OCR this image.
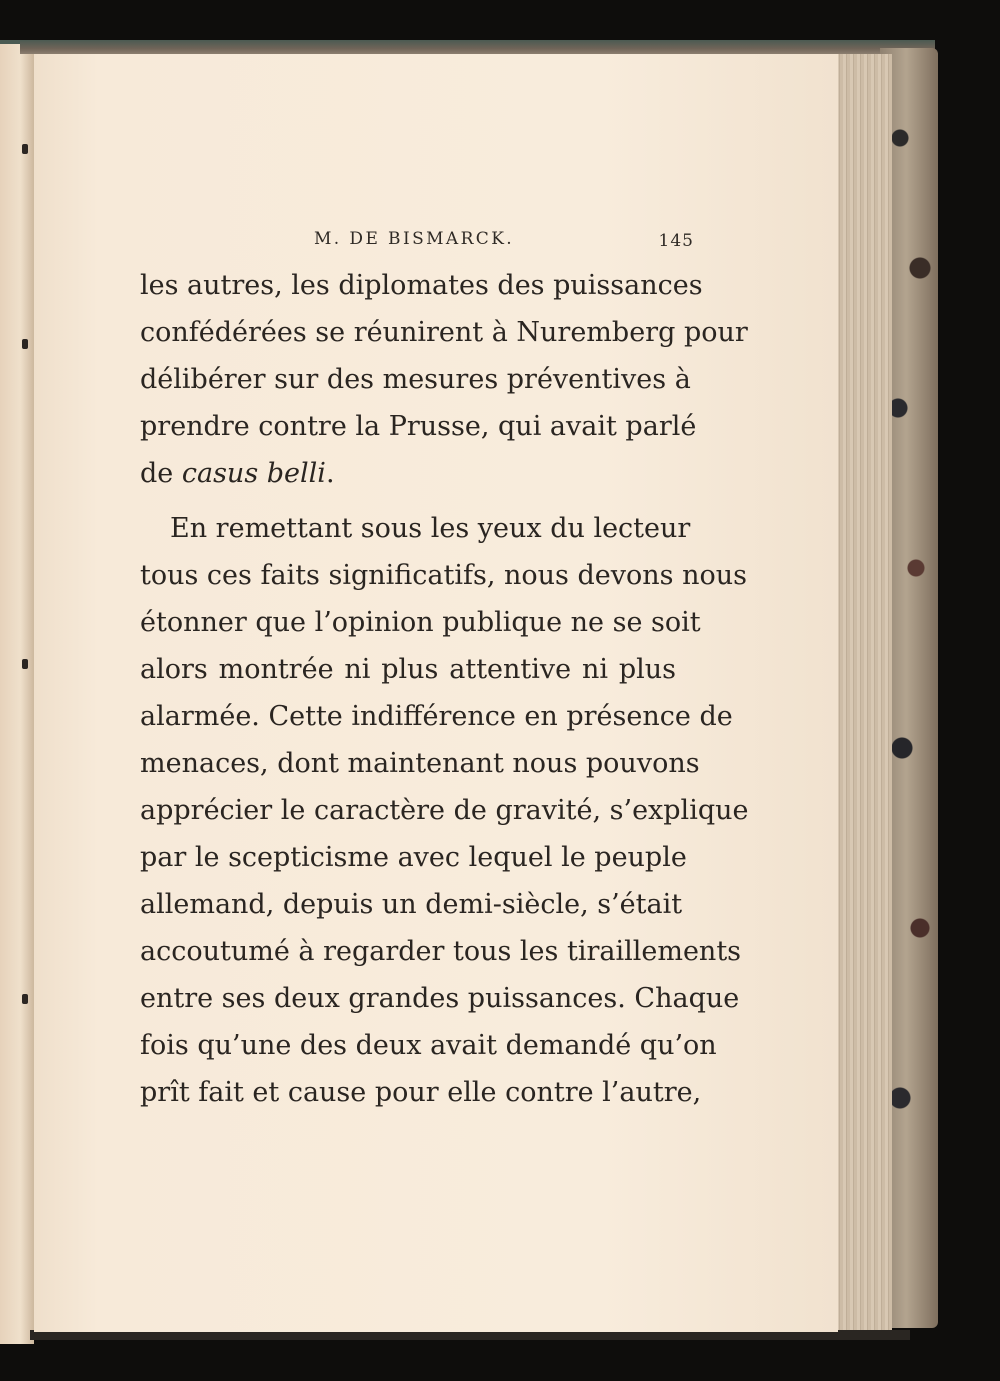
M. DE BISMARCK.	145
les autres, les diplomates des puissances
confédérées se réunirent à Nuremberg pour
délibérer sur des mesures préventives à
prendre contre la Prusse, qui avait parlé
de casus belli.
En remettant sous les yeux du lecteur
tous ces faits significatifs, nous devons nous
étonner que l’opinion publique ne se soit
alors montrée ni plus attentive ni plus
alarmée. Cette indifférence en présence de
menaces, dont maintenant nous pouvons
apprécier le caractère de gravité, s’explique
par le scepticisme avec lequel le peuple
allemand, depuis un demi-siècle, s’était
accoutumé à regarder tous les tiraillements
entre ses deux grandes puissances. Chaque
fois qu’une des deux avait demandé qu’on
prît fait et cause pour elle contre l’autre,
